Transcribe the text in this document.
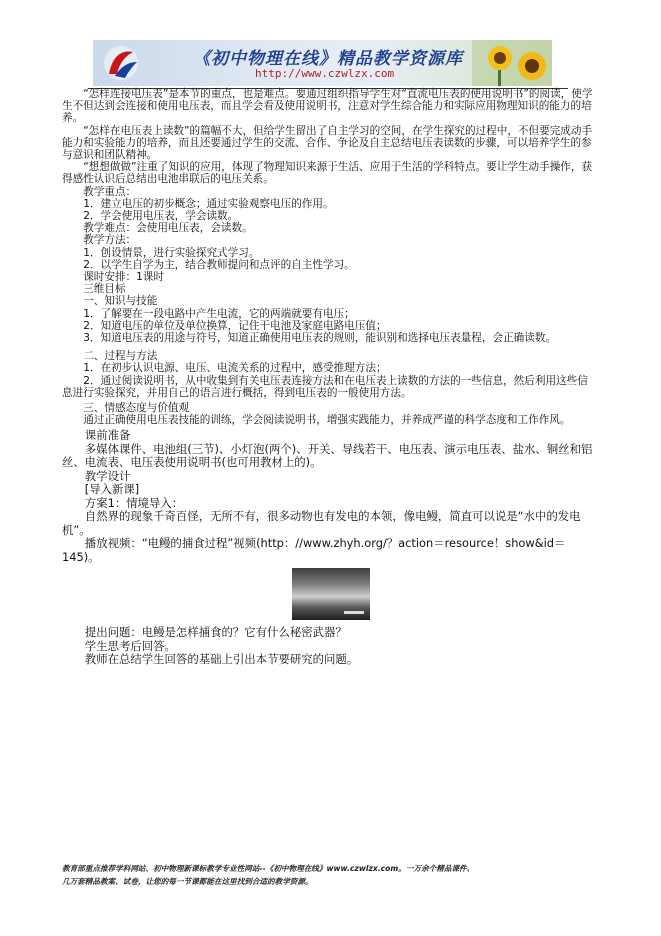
《初中物理在线》精品教学资源库
http://www.czwlzx.com

“怎样连接电压表”是本节的重点，也是难点。要通过组织指导学生对“直流电压表的使用说明书”的阅读，使学生不但达到会连接和使用电压表，而且学会看及使用说明书，注意对学生综合能力和实际应用物理知识的能力的培养。

“怎样在电压表上读数”的篇幅不大，但给学生留出了自主学习的空间，在学生探究的过程中，不但要完成动手能力和实验能力的培养，而且还要通过学生的交流、合作、争论及自主总结电压表读数的步骤，可以培养学生的参与意识和团队精神。

“想想做做”注重了知识的应用，体现了物理知识来源于生活、应用于生活的学科特点。要让学生动手操作，获得感性认识后总结出电池串联后的电压关系。

教学重点：

1．建立电压的初步概念；通过实验观察电压的作用。

2．学会使用电压表，学会读数。

教学难点：会使用电压表，会读数。

教学方法：

1．创设情景，进行实验探究式学习。

2．以学生自学为主，结合教师提问和点评的自主性学习。

课时安排：1课时

三维目标

一、知识与技能

1．了解要在一段电路中产生电流，它的两端就要有电压；

2．知道电压的单位及单位换算，记住干电池及家庭电路电压值；

3．知道电压表的用途与符号，知道正确使用电压表的规则，能识别和选择电压表量程，会正确读数。

二、过程与方法

1．在初步认识电源、电压、电流关系的过程中，感受推理方法；

2．通过阅读说明书，从中收集到有关电压表连接方法和在电压表上读数的方法的一些信息，然后利用这些信息进行实验探究，并用自己的语言进行概括，得到电压表的一般使用方法。

三、情感态度与价值观

通过正确使用电压表技能的训练，学会阅读说明书，增强实践能力，并养成严谨的科学态度和工作作风。

课前准备

多媒体课件、电池组(三节)、小灯泡(两个)、开关、导线若干、电压表、演示电压表、盐水、铜丝和铝丝、电流表、电压表使用说明书(也可用教材上的)。

教学设计

[导入新课]

方案1：情境导入：

自然界的现象千奇百怪，无所不有，很多动物也有发电的本领，像电鳗，简直可以说是“水中的发电机”。

播放视频：“电鳗的捕食过程”视频(http：//www.zhyh.org/？action＝resource！show&id＝145)。

提出问题：电鳗是怎样捕食的？它有什么秘密武器？

学生思考后回答。

教师在总结学生回答的基础上引出本节要研究的问题。

教育部重点推荐学科网站、初中物理新课标教学专业性网站--《初中物理在线》www.czwlzx.com。一万余个精品课件、
几万套精品教案、试卷，让您的每一节课都能在这里找到合适的教学资源。
